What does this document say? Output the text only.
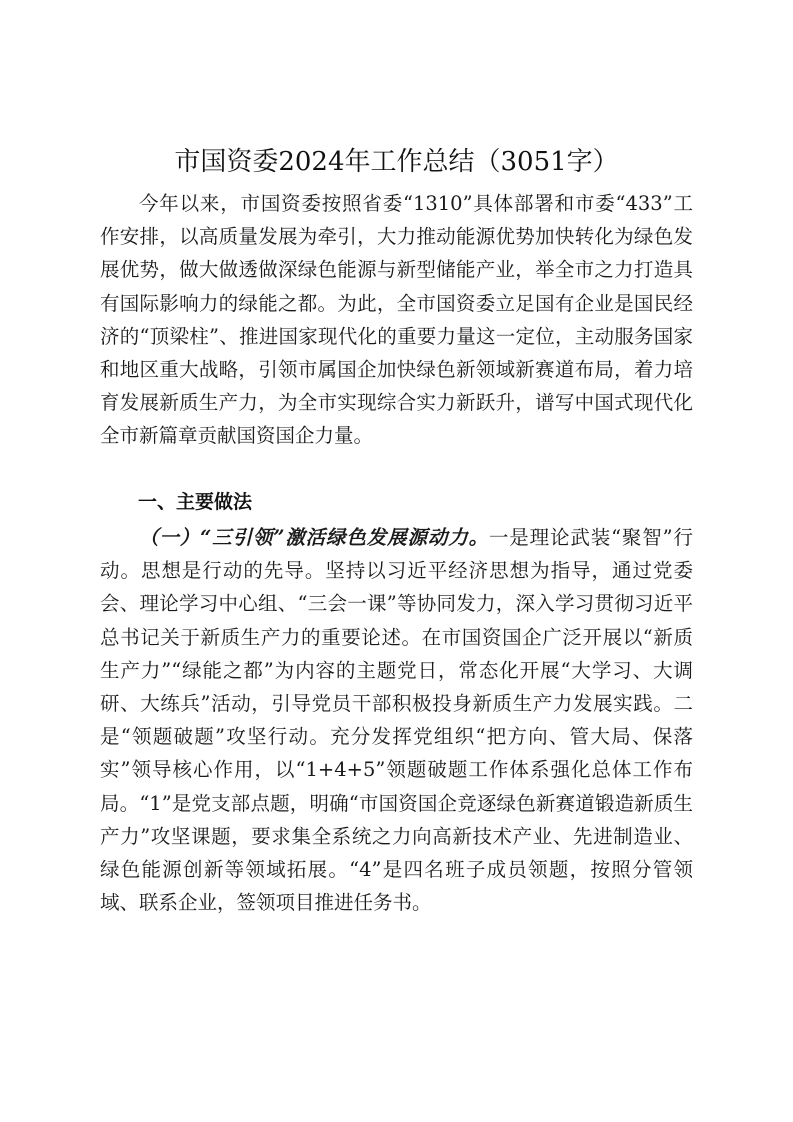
市国资委2024年工作总结（3051字）

今年以来，市国资委按照省委“1310”具体部署和市委“433”工作安排，以高质量发展为牵引，大力推动能源优势加快转化为绿色发展优势，做大做透做深绿色能源与新型储能产业，举全市之力打造具有国际影响力的绿能之都。为此，全市国资委立足国有企业是国民经济的“顶梁柱”、推进国家现代化的重要力量这一定位，主动服务国家和地区重大战略，引领市属国企加快绿色新领域新赛道布局，着力培育发展新质生产力，为全市实现综合实力新跃升，谱写中国式现代化全市新篇章贡献国资国企力量。

一、主要做法

（一）“三引领”激活绿色发展源动力。一是理论武装“聚智”行动。思想是行动的先导。坚持以习近平经济思想为指导，通过党委会、理论学习中心组、“三会一课”等协同发力，深入学习贯彻习近平总书记关于新质生产力的重要论述。在市国资国企广泛开展以“新质生产力”“绿能之都”为内容的主题党日，常态化开展“大学习、大调研、大练兵”活动，引导党员干部积极投身新质生产力发展实践。二是“领题破题”攻坚行动。充分发挥党组织“把方向、管大局、保落实”领导核心作用，以“1+4+5”领题破题工作体系强化总体工作布局。“1”是党支部点题，明确“市国资国企竞逐绿色新赛道锻造新质生产力”攻坚课题，要求集全系统之力向高新技术产业、先进制造业、绿色能源创新等领域拓展。“4”是四名班子成员领题，按照分管领域、联系企业，签领项目推进任务书。
